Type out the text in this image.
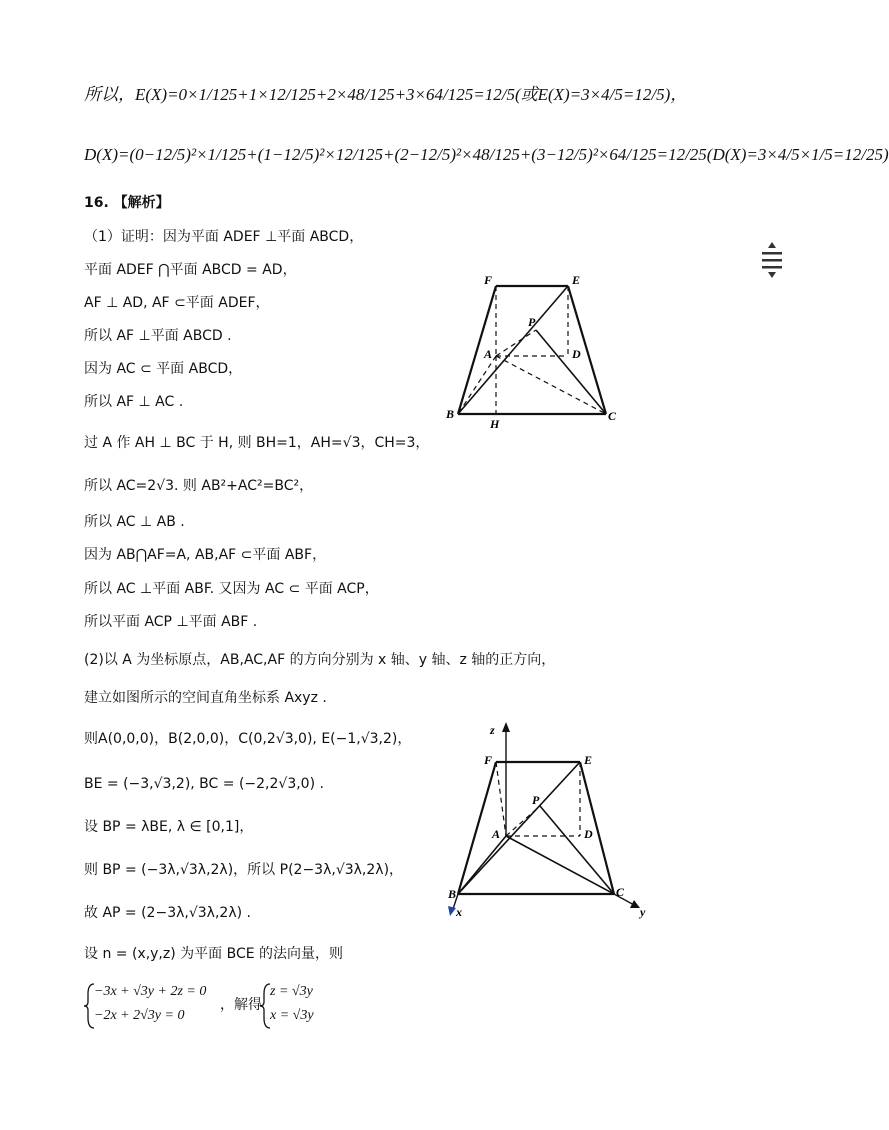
所以，E(X)=0×1/125+1×12/125+2×48/125+3×64/125=12/5(或E(X)=3×4/5=12/5)，
D(X)=(0−12/5)²×1/125+(1−12/5)²×12/125+(2−12/5)²×48/125+(3−12/5)²×64/125=12/25(D(X)=3×4/5×1/5=12/25)
16. 【解析】
（1）证明：因为平面 ADEF ⊥平面 ABCD，
平面 ADEF ⋂平面 ABCD = AD，
AF ⊥ AD, AF ⊂平面 ADEF，
所以 AF ⊥平面 ABCD .
因为 AC ⊂ 平面 ABCD，
所以 AF ⊥ AC .
过 A 作 AH ⊥ BC 于 H, 则 BH=1，AH=√3，CH=3，
所以 AC=2√3. 则 AB²+AC²=BC²，
所以 AC ⊥ AB .
因为 AB⋂AF=A, AB,AF ⊂平面 ABF，
所以 AC ⊥平面 ABF. 又因为 AC ⊂ 平面 ACP，
所以平面 ACP ⊥平面 ABF .
(2)以 A 为坐标原点，AB,AC,AF 的方向分别为 x 轴、y 轴、z 轴的正方向，
建立如图所示的空间直角坐标系 Axyz .
则A(0,0,0)，B(2,0,0)，C(0,2√3,0), E(−1,√3,2)，
BE = (−3,√3,2), BC = (−2,2√3,0) .
设 BP = λBE, λ ∈ [0,1]，
则 BP = (−3λ,√3λ,2λ)，所以 P(2−3λ,√3λ,2λ)，
故 AP = (2−3λ,√3λ,2λ) .
设 n = (x,y,z) 为平面 BCE 的法向量，则
−3x + √3y + 2z = 0
−2x + 2√3y = 0
，解得
z = √3y
x = √3y
F	E
P
A	D
B
H
C
z
F	E
P
A	D
B	C
x	y
